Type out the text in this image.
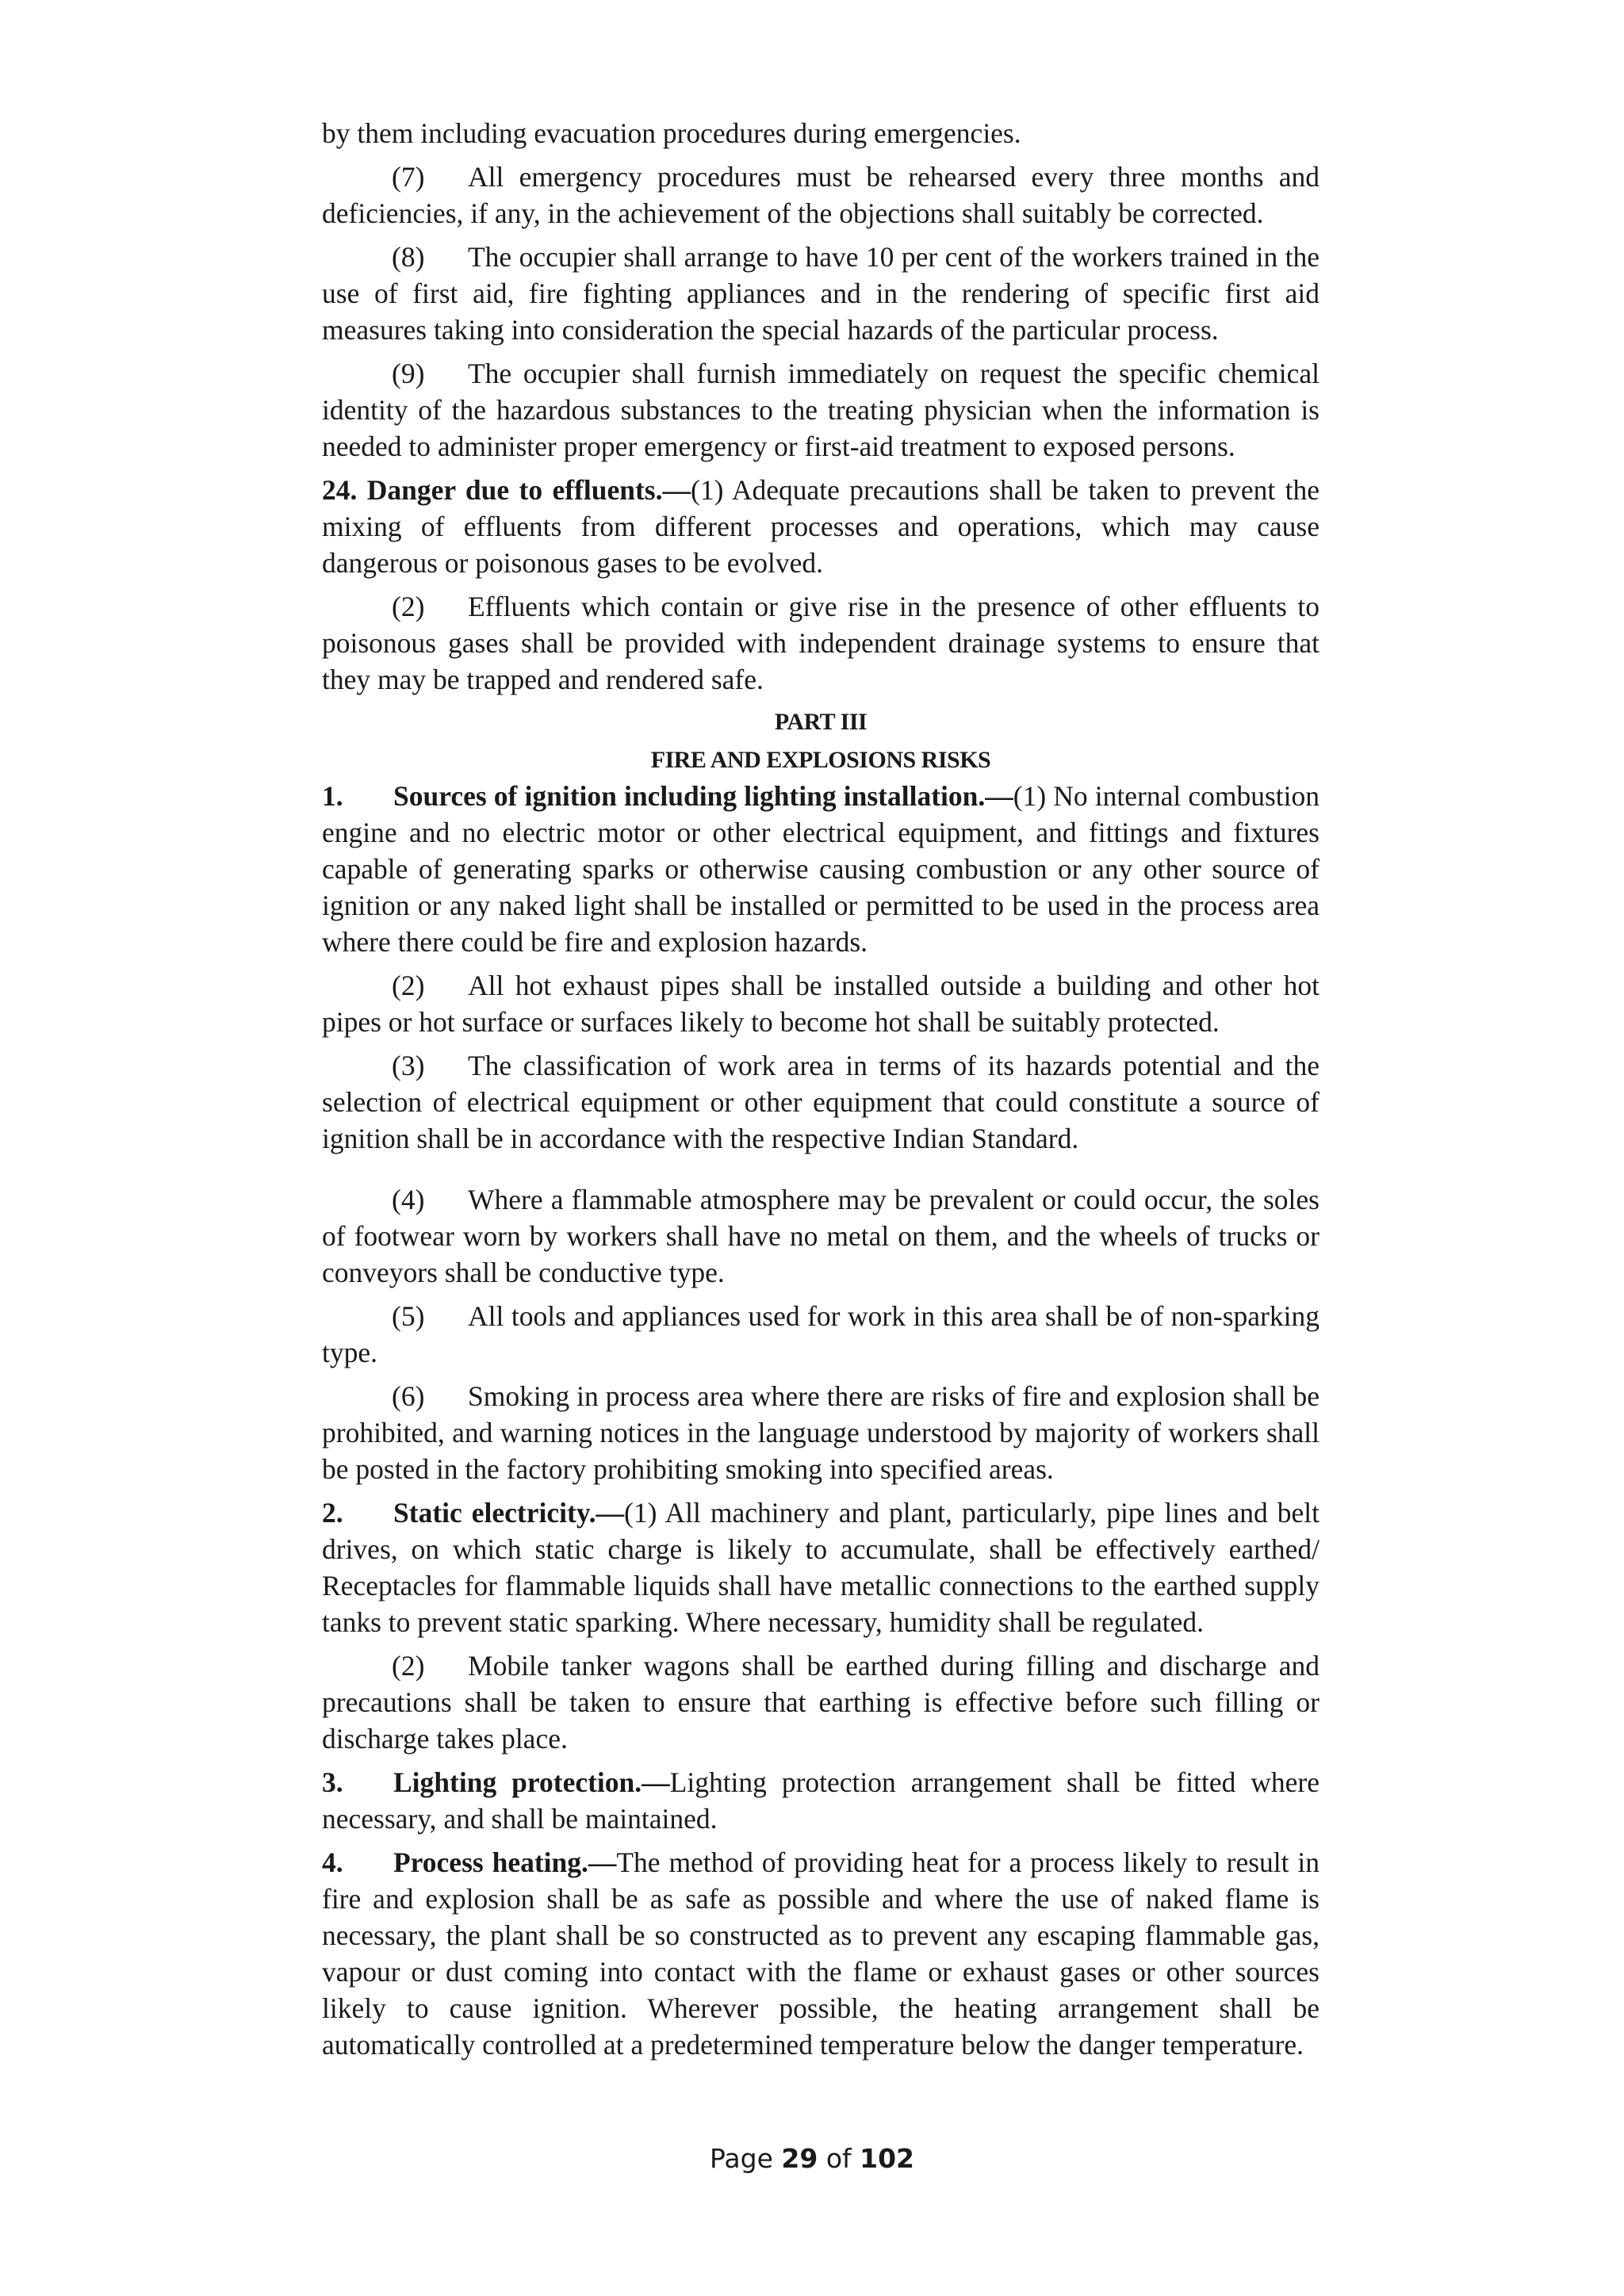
by them including evacuation procedures during emergencies.

(7) All emergency procedures must be rehearsed every three months and deficiencies, if any, in the achievement of the objections shall suitably be corrected.

(8) The occupier shall arrange to have 10 per cent of the workers trained in the use of first aid, fire fighting appliances and in the rendering of specific first aid measures taking into consideration the special hazards of the particular process.

(9) The occupier shall furnish immediately on request the specific chemical identity of the hazardous substances to the treating physician when the information is needed to administer proper emergency or first-aid treatment to exposed persons.

24. Danger due to effluents.—(1) Adequate precautions shall be taken to prevent the mixing of effluents from different processes and operations, which may cause dangerous or poisonous gases to be evolved.

(2) Effluents which contain or give rise in the presence of other effluents to poisonous gases shall be provided with independent drainage systems to ensure that they may be trapped and rendered safe.

PART III
FIRE AND EXPLOSIONS RISKS

1. Sources of ignition including lighting installation.—(1) No internal combustion engine and no electric motor or other electrical equipment, and fittings and fixtures capable of generating sparks or otherwise causing combustion or any other source of ignition or any naked light shall be installed or permitted to be used in the process area where there could be fire and explosion hazards.

(2) All hot exhaust pipes shall be installed outside a building and other hot pipes or hot surface or surfaces likely to become hot shall be suitably protected.

(3) The classification of work area in terms of its hazards potential and the selection of electrical equipment or other equipment that could constitute a source of ignition shall be in accordance with the respective Indian Standard.

(4) Where a flammable atmosphere may be prevalent or could occur, the soles of footwear worn by workers shall have no metal on them, and the wheels of trucks or conveyors shall be conductive type.

(5) All tools and appliances used for work in this area shall be of non-sparking type.

(6) Smoking in process area where there are risks of fire and explosion shall be prohibited, and warning notices in the language understood by majority of workers shall be posted in the factory prohibiting smoking into specified areas.

2. Static electricity.—(1) All machinery and plant, particularly, pipe lines and belt drives, on which static charge is likely to accumulate, shall be effectively earthed/ Receptacles for flammable liquids shall have metallic connections to the earthed supply tanks to prevent static sparking. Where necessary, humidity shall be regulated.

(2) Mobile tanker wagons shall be earthed during filling and discharge and precautions shall be taken to ensure that earthing is effective before such filling or discharge takes place.

3. Lighting protection.—Lighting protection arrangement shall be fitted where necessary, and shall be maintained.

4. Process heating.—The method of providing heat for a process likely to result in fire and explosion shall be as safe as possible and where the use of naked flame is necessary, the plant shall be so constructed as to prevent any escaping flammable gas, vapour or dust coming into contact with the flame or exhaust gases or other sources likely to cause ignition. Wherever possible, the heating arrangement shall be automatically controlled at a predetermined temperature below the danger temperature.

Page 29 of 102
